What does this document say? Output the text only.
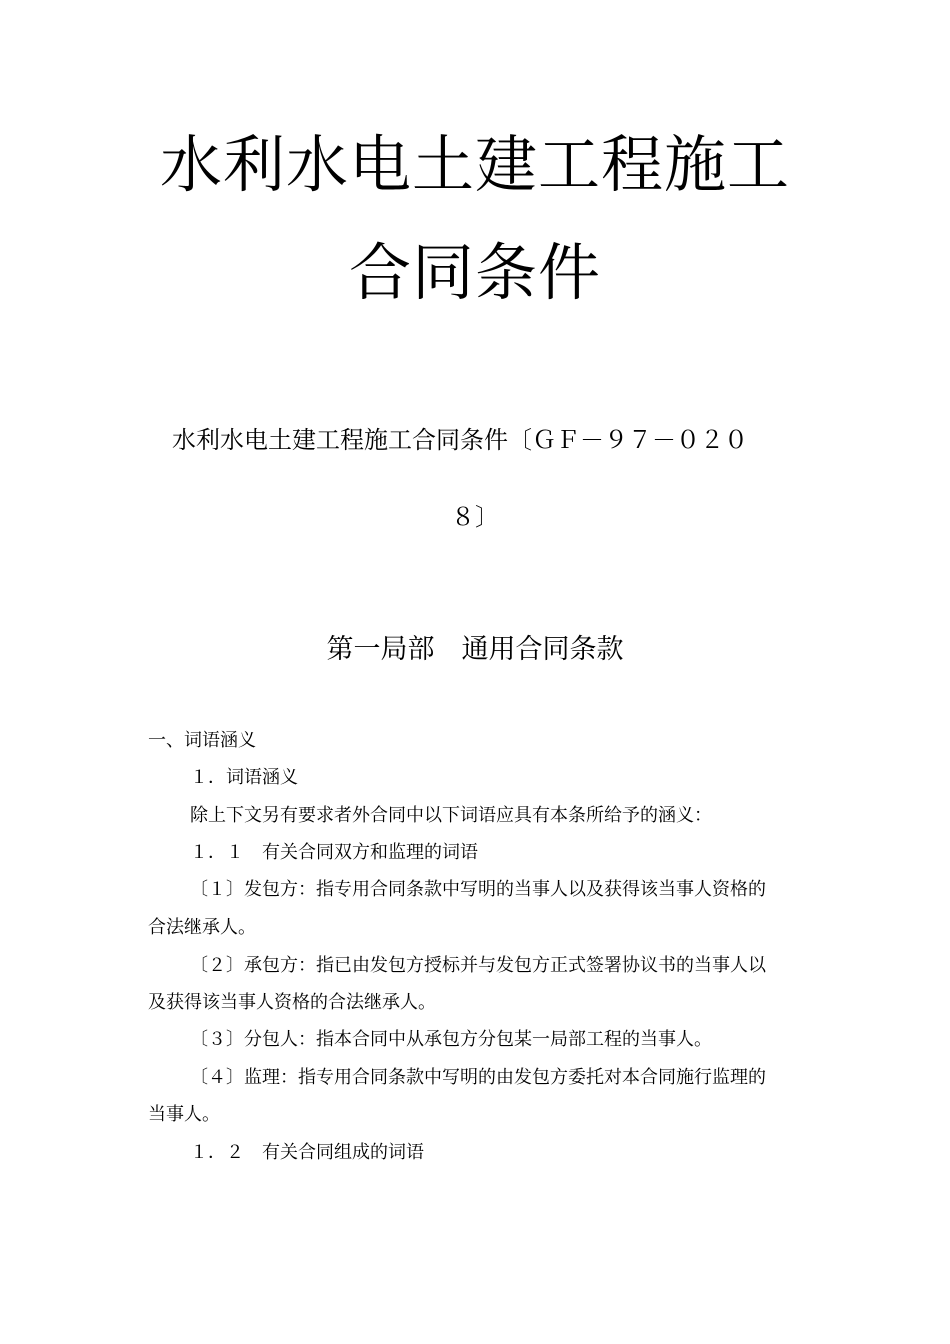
水利水电土建工程施工
合同条件
水利水电土建工程施工合同条件〔ＧＦ－９７－０２０
８〕
第一局部　通用合同条款
一、词语涵义
１．词语涵义
除上下文另有要求者外合同中以下词语应具有本条所给予的涵义：
１．１　有关合同双方和监理的词语
〔１〕发包方：指专用合同条款中写明的当事人以及获得该当事人资格的
合法继承人。
〔２〕承包方：指已由发包方授标并与发包方正式签署协议书的当事人以
及获得该当事人资格的合法继承人。
〔３〕分包人：指本合同中从承包方分包某一局部工程的当事人。
〔４〕监理：指专用合同条款中写明的由发包方委托对本合同施行监理的
当事人。
１．２　有关合同组成的词语
